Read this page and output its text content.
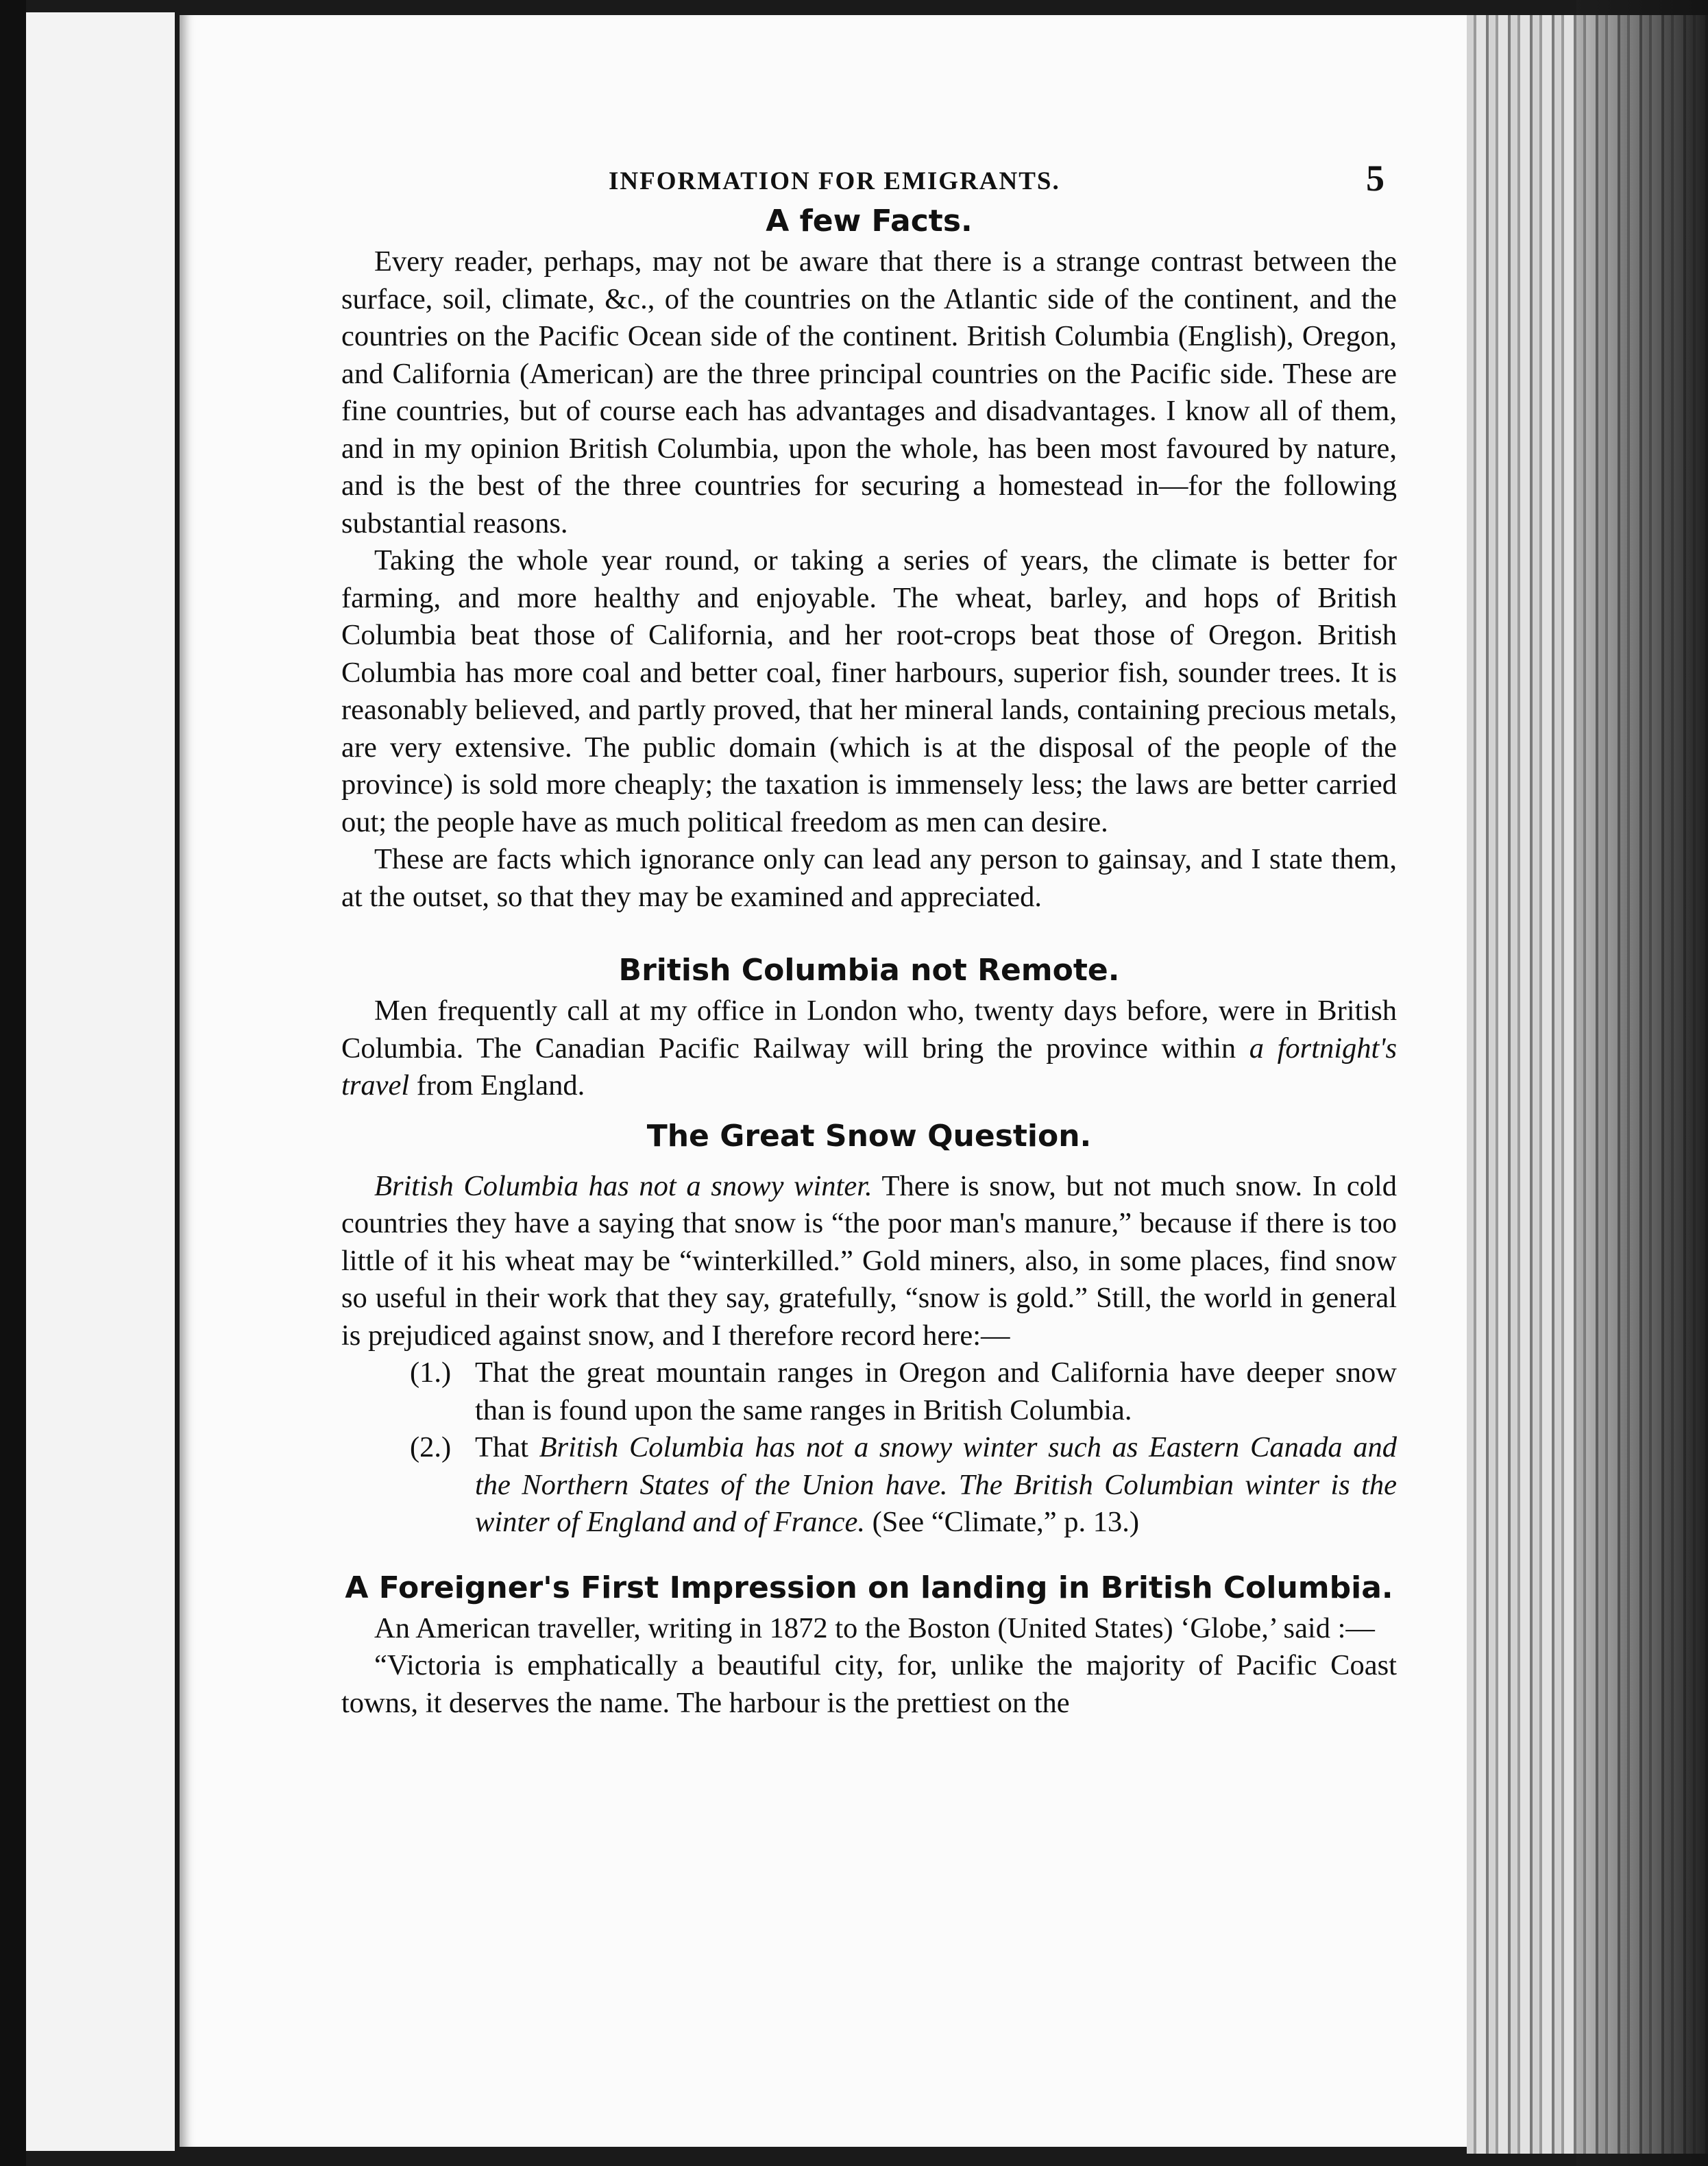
INFORMATION FOR EMIGRANTS.	5
A few Facts.

Every reader, perhaps, may not be aware that there is a strange contrast between the surface, soil, climate, &c., of the countries on the Atlantic side of the continent, and the countries on the Pacific Ocean side of the continent. British Columbia (English), Oregon, and California (American) are the three principal countries on the Pacific side. These are fine countries, but of course each has advantages and disadvantages. I know all of them, and in my opinion British Columbia, upon the whole, has been most favoured by nature, and is the best of the three countries for securing a homestead in—for the following substantial reasons.

Taking the whole year round, or taking a series of years, the climate is better for farming, and more healthy and enjoyable. The wheat, barley, and hops of British Columbia beat those of California, and her root-crops beat those of Oregon. British Columbia has more coal and better coal, finer harbours, superior fish, sounder trees. It is reasonably believed, and partly proved, that her mineral lands, containing precious metals, are very extensive. The public domain (which is at the disposal of the people of the province) is sold more cheaply; the taxation is immensely less; the laws are better carried out; the people have as much political freedom as men can desire.

These are facts which ignorance only can lead any person to gainsay, and I state them, at the outset, so that they may be examined and appreciated.

British Columbia not Remote.

Men frequently call at my office in London who, twenty days before, were in British Columbia. The Canadian Pacific Railway will bring the province within a fortnight's travel from England.

The Great Snow Question.

British Columbia has not a snowy winter. There is snow, but not much snow. In cold countries they have a saying that snow is “the poor man's manure,” because if there is too little of it his wheat may be “winterkilled.” Gold miners, also, in some places, find snow so useful in their work that they say, gratefully, “snow is gold.” Still, the world in general is prejudiced against snow, and I therefore record here:—

(1.) That the great mountain ranges in Oregon and California have deeper snow than is found upon the same ranges in British Columbia.
(2.) That British Columbia has not a snowy winter such as Eastern Canada and the Northern States of the Union have. The British Columbian winter is the winter of England and of France. (See “Climate,” p. 13.)
A Foreigner's First Impression on landing in British Columbia.

An American traveller, writing in 1872 to the Boston (United States) ‘Globe,’ said :—

“Victoria is emphatically a beautiful city, for, unlike the majority of Pacific Coast towns, it deserves the name. The harbour is the prettiest on the
